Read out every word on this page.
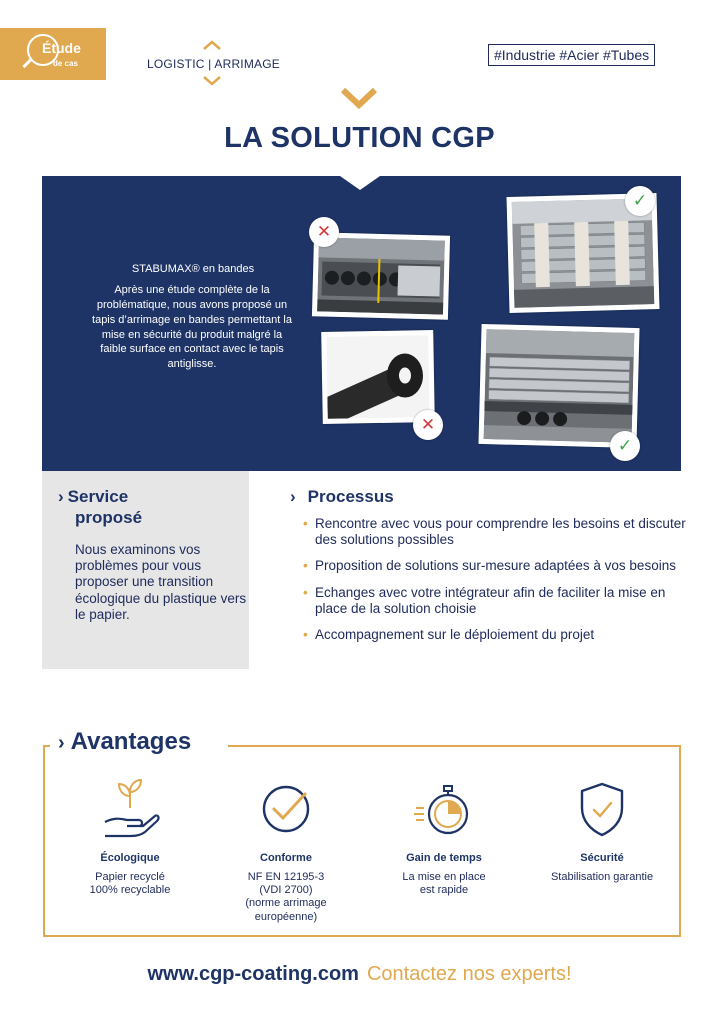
Étude
de cas	LOGISTIC | ARRIMAGE
#Industrie #Acier #Tubes
LA SOLUTION CGP
STABUMAX® en bandes
Après une étude complète de la problématique, nous avons proposé un tapis d’arrimage en bandes permettant la mise en sécurité du produit malgré la faible surface en contact avec le tapis antiglisse.
✕
✓
✕
✓
› Service
proposé
Nous examinons vos problèmes pour vous proposer une transition écologique du plastique vers le papier.
› Processus
• Rencontre avec vous pour comprendre les besoins et discuter des solutions possibles
• Proposition de solutions sur-mesure adaptées à vos besoins
• Echanges avec votre intégrateur afin de faciliter la mise en place de la solution choisie
• Accompagnement sur le déploiement du projet
› Avantages
Écologique
Papier recyclé
100% recyclable
Conforme
NF EN 12195-3
(VDI 2700)
(norme arrimage
européenne)
Gain de temps
La mise en place
est rapide
Sécurité
Stabilisation garantie
www.cgp-coating.com Contactez nos experts!
